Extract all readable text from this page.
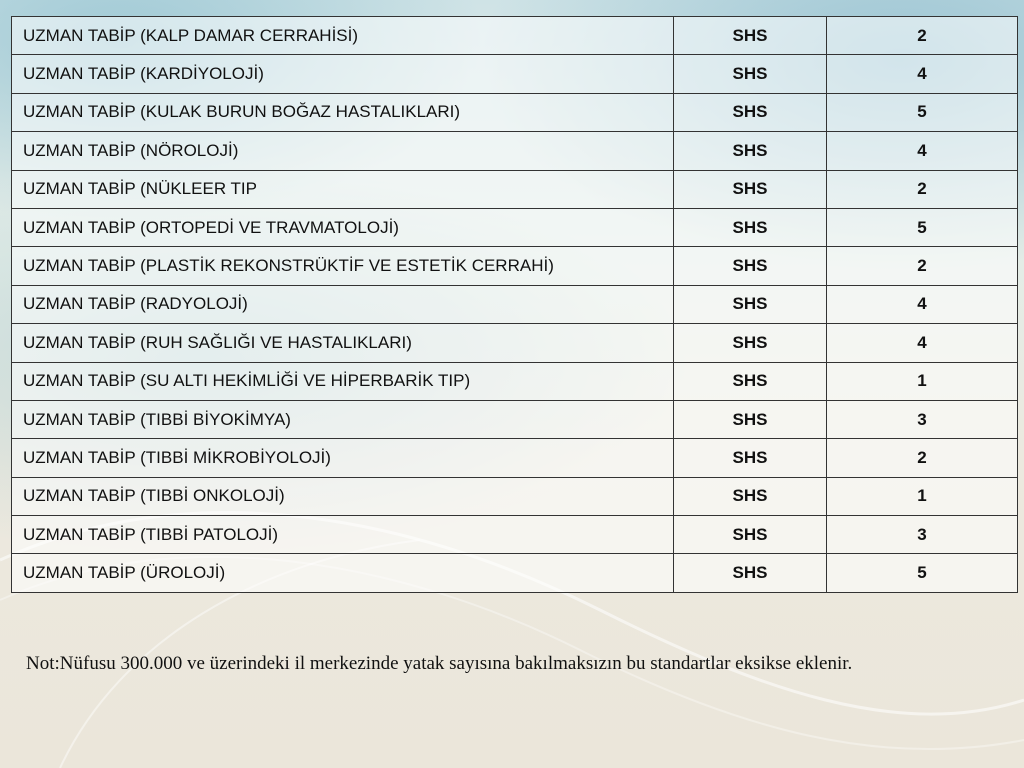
UZMAN TABİP (KALP DAMAR CERRAHİSİ)	SHS	2
UZMAN TABİP (KARDİYOLOJİ)	SHS	4
UZMAN TABİP (KULAK BURUN BOĞAZ HASTALIKLARI)	SHS	5
UZMAN TABİP (NÖROLOJİ)	SHS	4
UZMAN TABİP (NÜKLEER TIP	SHS	2
UZMAN TABİP (ORTOPEDİ VE TRAVMATOLOJİ)	SHS	5
UZMAN TABİP (PLASTİK REKONSTRÜKTİF VE ESTETİK CERRAHİ)	SHS	2
UZMAN TABİP (RADYOLOJİ)	SHS	4
UZMAN TABİP (RUH SAĞLIĞI VE HASTALIKLARI)	SHS	4
UZMAN TABİP (SU ALTI HEKİMLİĞİ VE HİPERBARİK TIP)	SHS	1
UZMAN TABİP (TIBBİ BİYOKİMYA)	SHS	3
UZMAN TABİP (TIBBİ MİKROBİYOLOJİ)	SHS	2
UZMAN TABİP (TIBBİ ONKOLOJİ)	SHS	1
UZMAN TABİP (TIBBİ PATOLOJİ)	SHS	3
UZMAN TABİP (ÜROLOJİ)	SHS	5
Not:Nüfusu 300.000 ve üzerindeki il merkezinde yatak sayısına bakılmaksızın bu standartlar eksikse eklenir.
